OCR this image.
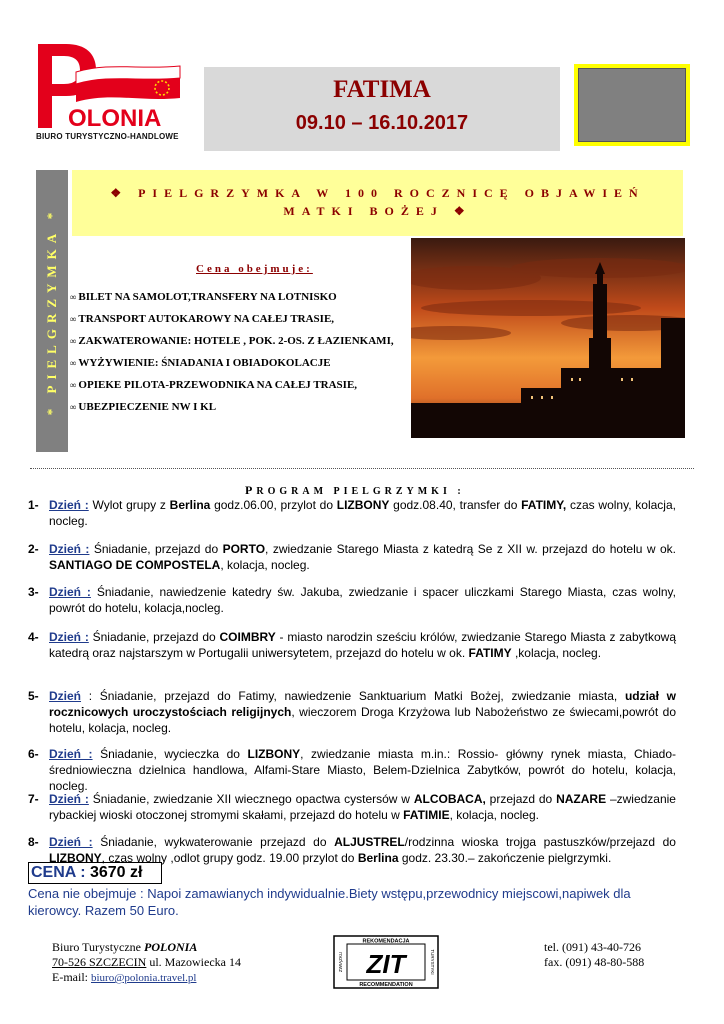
OLONIA
BIURO TURYSTYCZNO-HANDLOWE
FATIMA
09.10 – 16.10.2017
* PIELGRZYMKA *
❖ PIELGRZYMKA W 100 ROCZNICĘ OBJAWIEŃ
MATKI BOŻEJ ❖
Cena obejmuje:
∞ BILET NA SAMOLOT,TRANSFERY NA LOTNISKO
∞ TRANSPORT AUTOKAROWY NA CAŁEJ TRASIE,
∞ ZAKWATEROWANIE: HOTELE , POK. 2-OS. Z ŁAZIENKAMI,
∞ WYŻYWIENIE: ŚNIADANIA I OBIADOKOLACJE
∞ OPIEKE PILOTA-PRZEWODNIKA NA CAŁEJ TRASIE,
∞ UBEZPIECZENIE NW I KL
PROGRAM PIELGRZYMKI :
1- Dzień : Wylot grupy z Berlina godz.06.00, przylot do LIZBONY godz.08.40, transfer do FATIMY, czas wolny, kolacja, nocleg.
2- Dzień : Śniadanie, przejazd do PORTO, zwiedzanie Starego Miasta z katedrą Se z XII w. przejazd do hotelu w ok. SANTIAGO DE COMPOSTELA, kolacja, nocleg.
3- Dzień : Śniadanie, nawiedzenie katedry św. Jakuba, zwiedzanie i spacer uliczkami Starego Miasta, czas wolny, powrót do hotelu, kolacja,nocleg.
4- Dzień : Śniadanie, przejazd do COIMBRY - miasto narodzin sześciu królów, zwiedzanie Starego Miasta z zabytkową katedrą oraz najstarszym w Portugalii uniwersytetem, przejazd do hotelu w ok. FATIMY ,kolacja, nocleg.
5- Dzień : Śniadanie, przejazd do Fatimy, nawiedzenie Sanktuarium Matki Bożej, zwiedzanie miasta, udział w rocznicowych uroczystościach religijnych, wieczorem Droga Krzyżowa lub Nabożeństwo ze świecami,powrót do hotelu, kolacja, nocleg.
6- Dzień : Śniadanie, wycieczka do LIZBONY, zwiedzanie miasta m.in.: Rossio- główny rynek miasta, Chiado- średniowieczna dzielnica handlowa, Alfami-Stare Miasto, Belem-Dzielnica Zabytków, powrót do hotelu, kolacja, nocleg.
7- Dzień : Śniadanie, zwiedzanie XII wiecznego opactwa cystersów w ALCOBACA, przejazd do NAZARE –zwiedzanie rybackiej wioski otoczonej stromymi skałami, przejazd do hotelu w FATIMIE, kolacja, nocleg.
8- Dzień : Śniadanie, wykwaterowanie przejazd do ALJUSTREL/rodzinna wioska trojga pastuszków/przejazd do LIZBONY, czas wolny ,odlot grupy godz. 19.00 przylot do Berlina godz. 23.30.– zakończenie pielgrzymki.
CENA : 3670 zł
Cena nie obejmuje : Napoi zamawianych indywidualnie.Biety wstępu,przewodnicy miejscowi,napiwek dla kierowcy. Razem 50 Euro.
Biuro Turystyczne POLONIA
70-526 SZCZECIN ul. Mazowiecka 14
E-mail: biuro@polonia.travel.pl
REKOMENDACJA
RECOMMENDATION
ZWIĄZKU	TURYSTYKI
ZIT
tel. (091) 43-40-726
fax. (091) 48-80-588
